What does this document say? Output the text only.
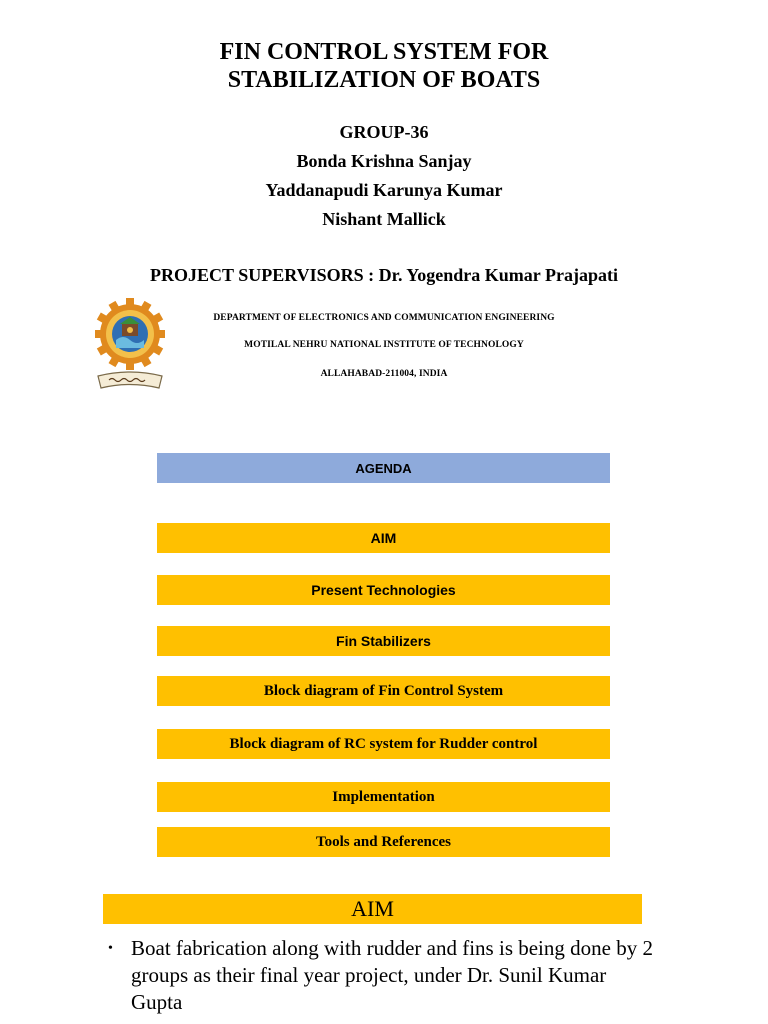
FIN CONTROL SYSTEM FOR
STABILIZATION OF BOATS
GROUP-36
Bonda Krishna Sanjay
Yaddanapudi Karunya Kumar
Nishant Mallick
PROJECT SUPERVISORS : Dr. Yogendra Kumar Prajapati
DEPARTMENT OF ELECTRONICS AND COMMUNICATION ENGINEERING
MOTILAL NEHRU NATIONAL INSTITUTE OF TECHNOLOGY
ALLAHABAD-211004, INDIA
AGENDA
AIM
Present Technologies
Fin Stabilizers
Block diagram of Fin Control System
Block diagram of RC system for Rudder control
Implementation
Tools and References
AIM
• Boat fabrication along with rudder and fins is being done by 2 groups as their final year project, under Dr. Sunil Kumar Gupta
